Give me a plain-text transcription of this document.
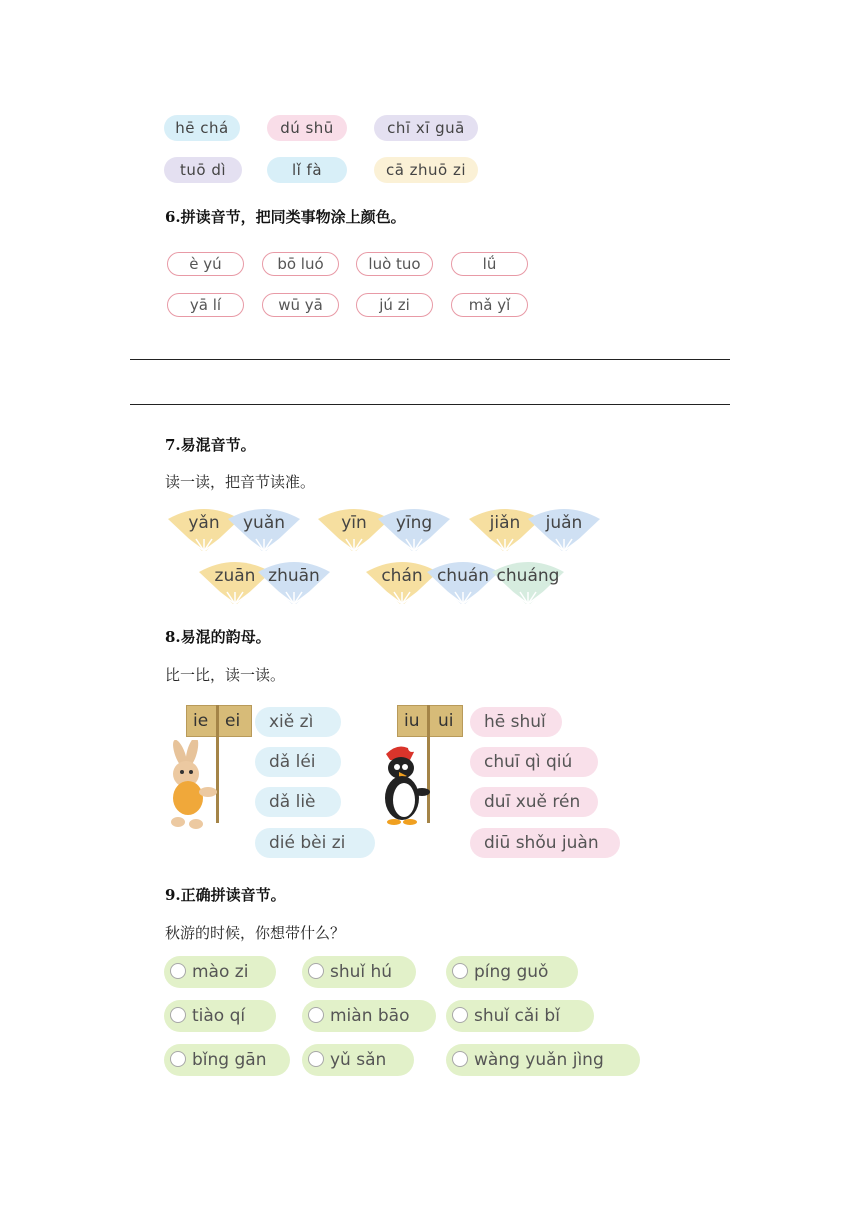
hē chá	dú shū	chī xī guā
tuō dì	lǐ fà	cā zhuō zi
6.拼读音节，把同类事物涂上颜色。
è yú	bō luó	luò tuo	lǘ
yā lí	wū yā	jú zi	mǎ yǐ
7.易混音节。
读一读，把音节读准。
yǎn	yuǎn	yīn	yīng	jiǎn	juǎn
zuān zhuān	chán chuán chuáng
8.易混的韵母。
比一比，读一读。
ie ei	iu ui
xiě zì
dǎ léi
dǎ liè
dié bèi zi
hē shuǐ
chuī qì qiú
duī xuě rén
diū shǒu juàn
9.正确拼读音节。
秋游的时候，你想带什么？
mào zi	shuǐ hú	píng guǒ
tiào qí	miàn bāo	shuǐ cǎi bǐ
bǐng gān	yǔ sǎn	wàng yuǎn jìng
